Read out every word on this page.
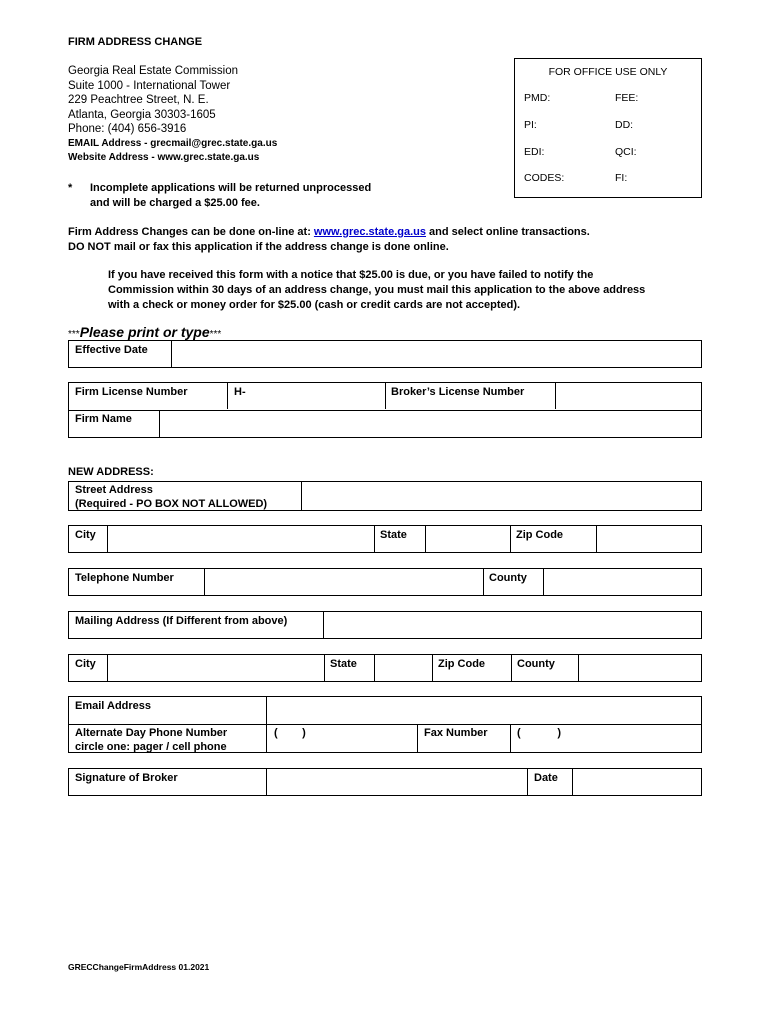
FIRM ADDRESS CHANGE
Georgia Real Estate Commission
Suite 1000 - International Tower
229 Peachtree Street, N. E.
Atlanta, Georgia 30303-1605
Phone: (404) 656-3916
EMAIL Address - grecmail@grec.state.ga.us
Website Address - www.grec.state.ga.us
FOR OFFICE USE ONLY
PMD:	FEE:
PI:	DD:
EDI:	QCI:
CODES:	FI:
* Incomplete applications will be returned unprocessed
and will be charged a $25.00 fee.
Firm Address Changes can be done on-line at: www.grec.state.ga.us and select online transactions.
DO NOT mail or fax this application if the address change is done online.
If you have received this form with a notice that $25.00 is due, or you have failed to notify the
Commission within 30 days of an address change, you must mail this application to the above address
with a check or money order for $25.00 (cash or credit cards are not accepted).
***Please print or type***
Effective Date
Firm License Number	H-	Broker’s License Number
Firm Name
NEW ADDRESS:
Street Address
(Required - PO BOX NOT ALLOWED)
City	State	Zip Code
Telephone Number	County
Mailing Address (If Different from above)
City	State	Zip Code	County
Email Address
Alternate Day Phone Number
circle one: pager / cell phone
(        )	Fax Number	(            )
Signature of Broker	Date
GRECChangeFirmAddress 01.2021
